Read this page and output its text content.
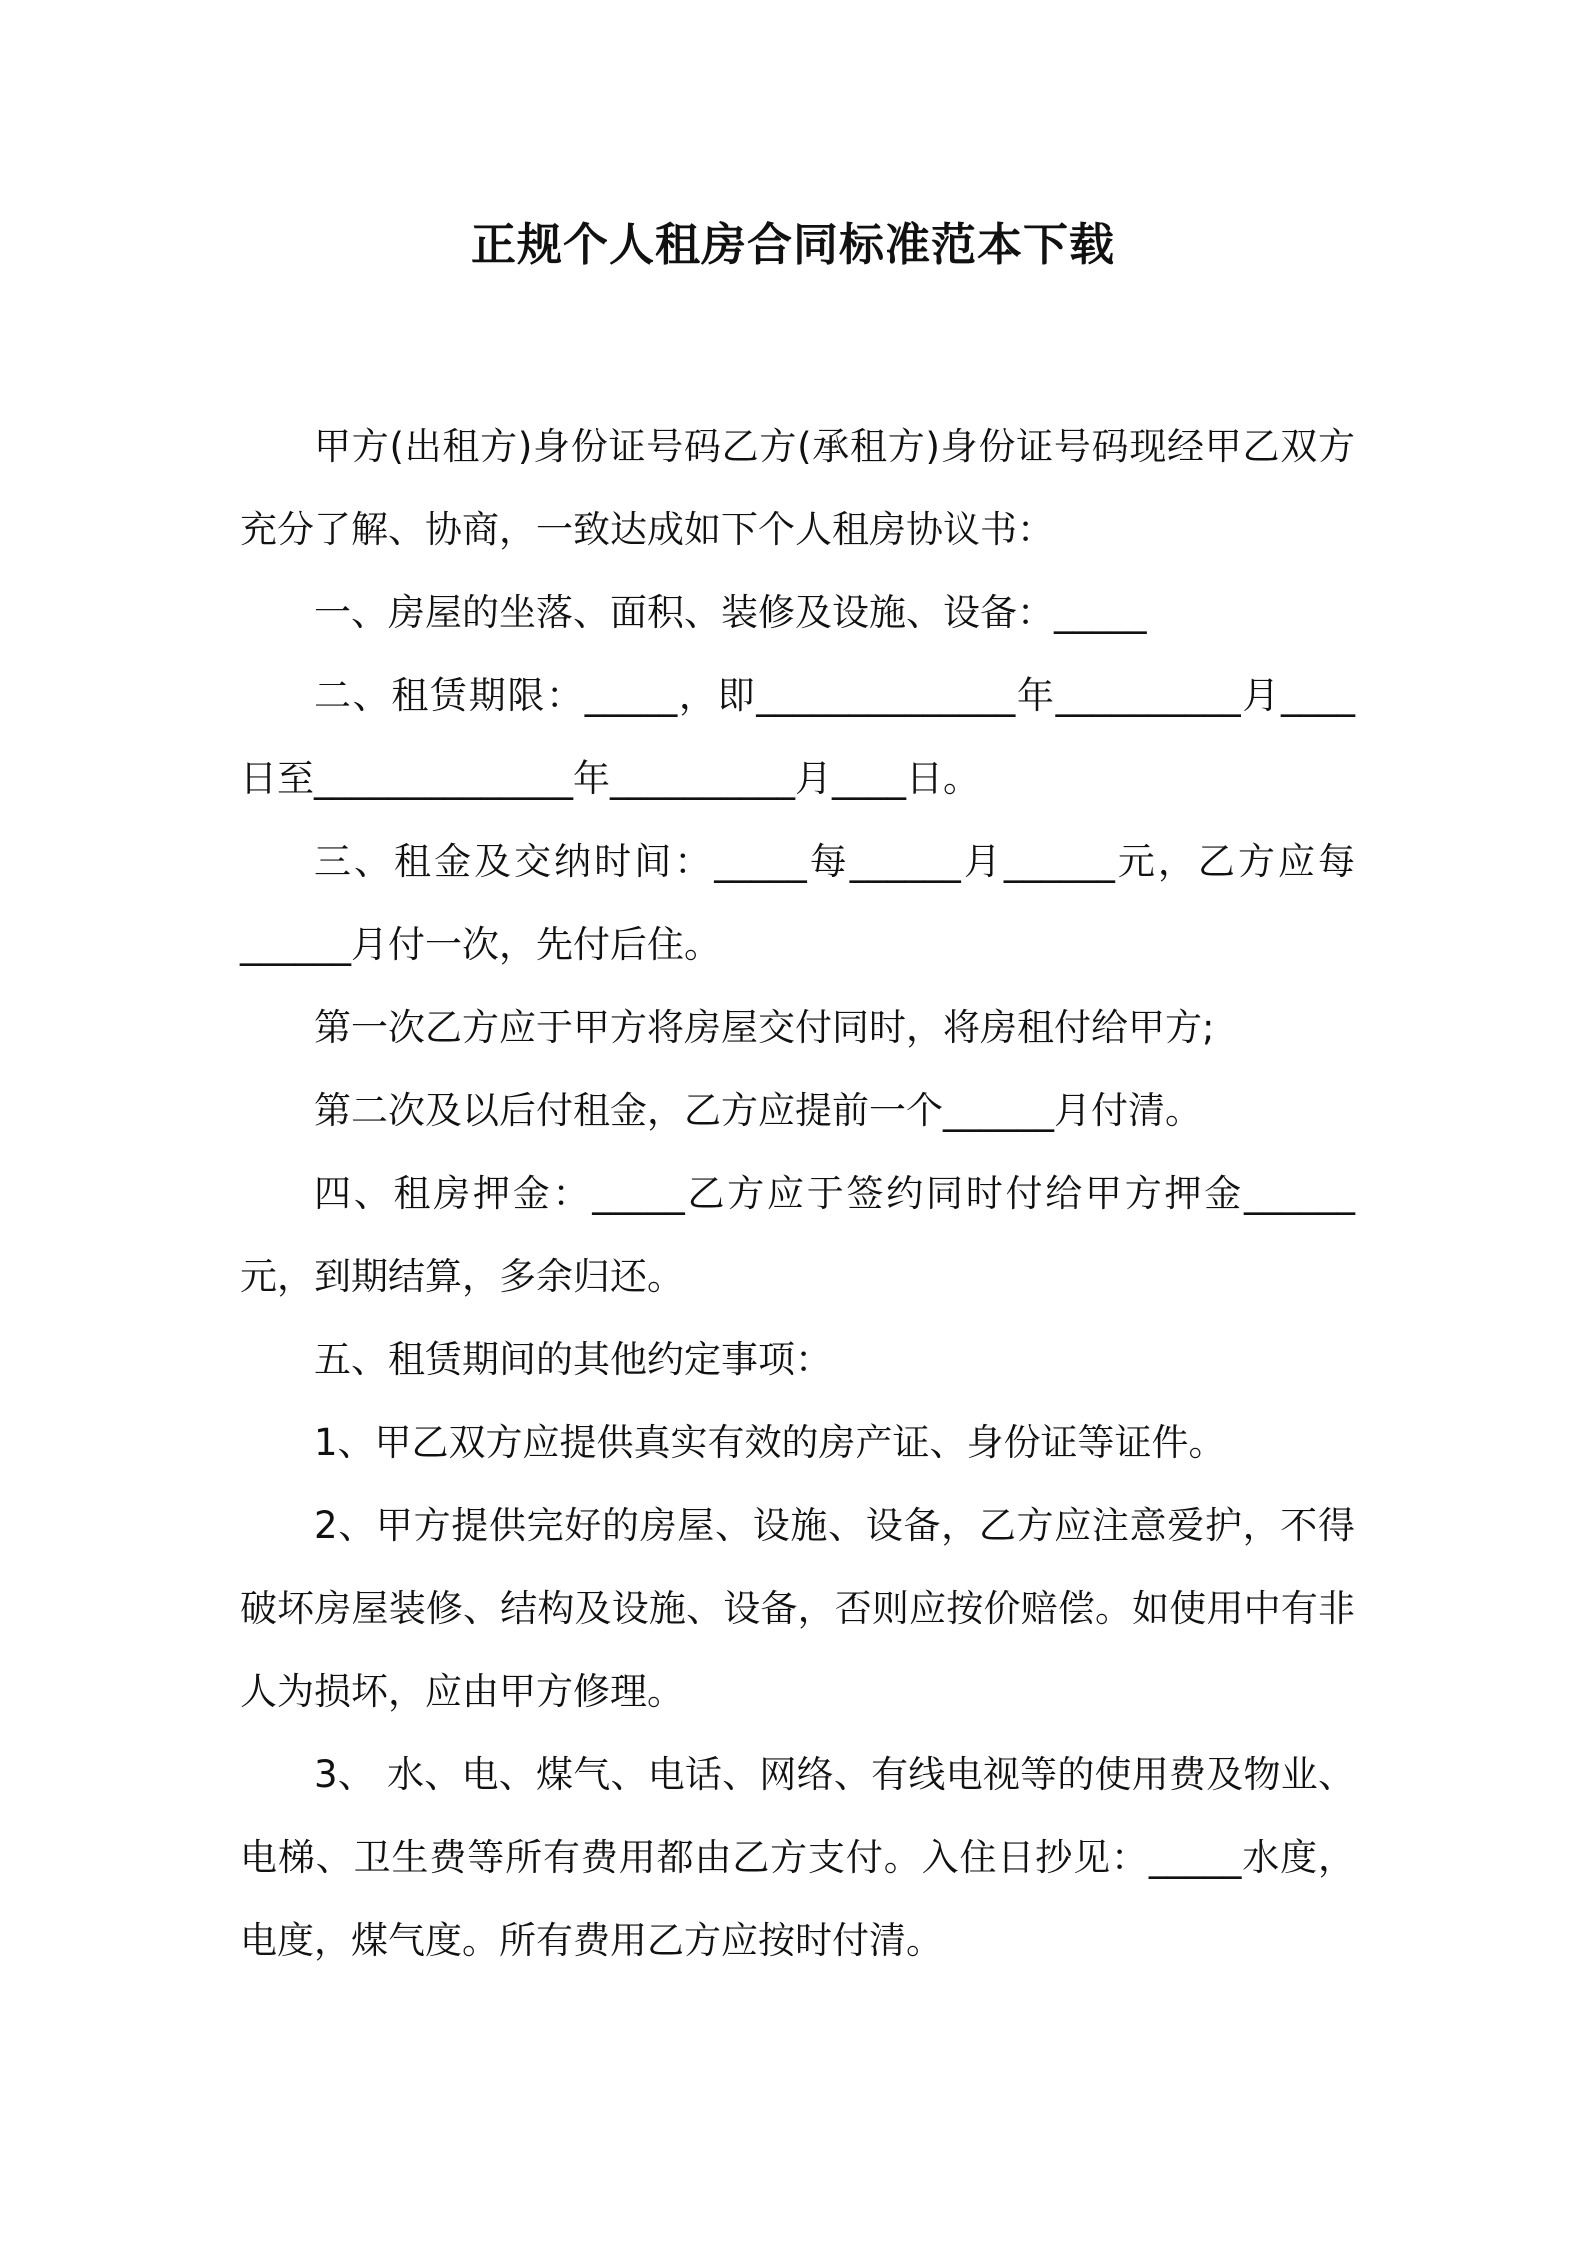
正规个人租房合同标准范本下载

甲方(出租方)身份证号码乙方(承租方)身份证号码现经甲乙双方充分了解、协商，一致达成如下个人租房协议书：

一、房屋的坐落、面积、装修及设施、设备：_____

二、租赁期限：_____，即______________年__________月____日至______________年__________月____日。

三、租金及交纳时间：_____每______月______元，乙方应每______月付一次，先付后住。

第一次乙方应于甲方将房屋交付同时，将房租付给甲方;

第二次及以后付租金，乙方应提前一个______月付清。

四、租房押金：_____乙方应于签约同时付给甲方押金______元，到期结算，多余归还。

五、租赁期间的其他约定事项：

1、甲乙双方应提供真实有效的房产证、身份证等证件。

2、甲方提供完好的房屋、设施、设备，乙方应注意爱护，不得破坏房屋装修、结构及设施、设备，否则应按价赔偿。如使用中有非人为损坏，应由甲方修理。

3、 水、电、煤气、电话、网络、有线电视等的使用费及物业、电梯、卫生费等所有费用都由乙方支付。入住日抄见：_____水度，电度，煤气度。所有费用乙方应按时付清。
